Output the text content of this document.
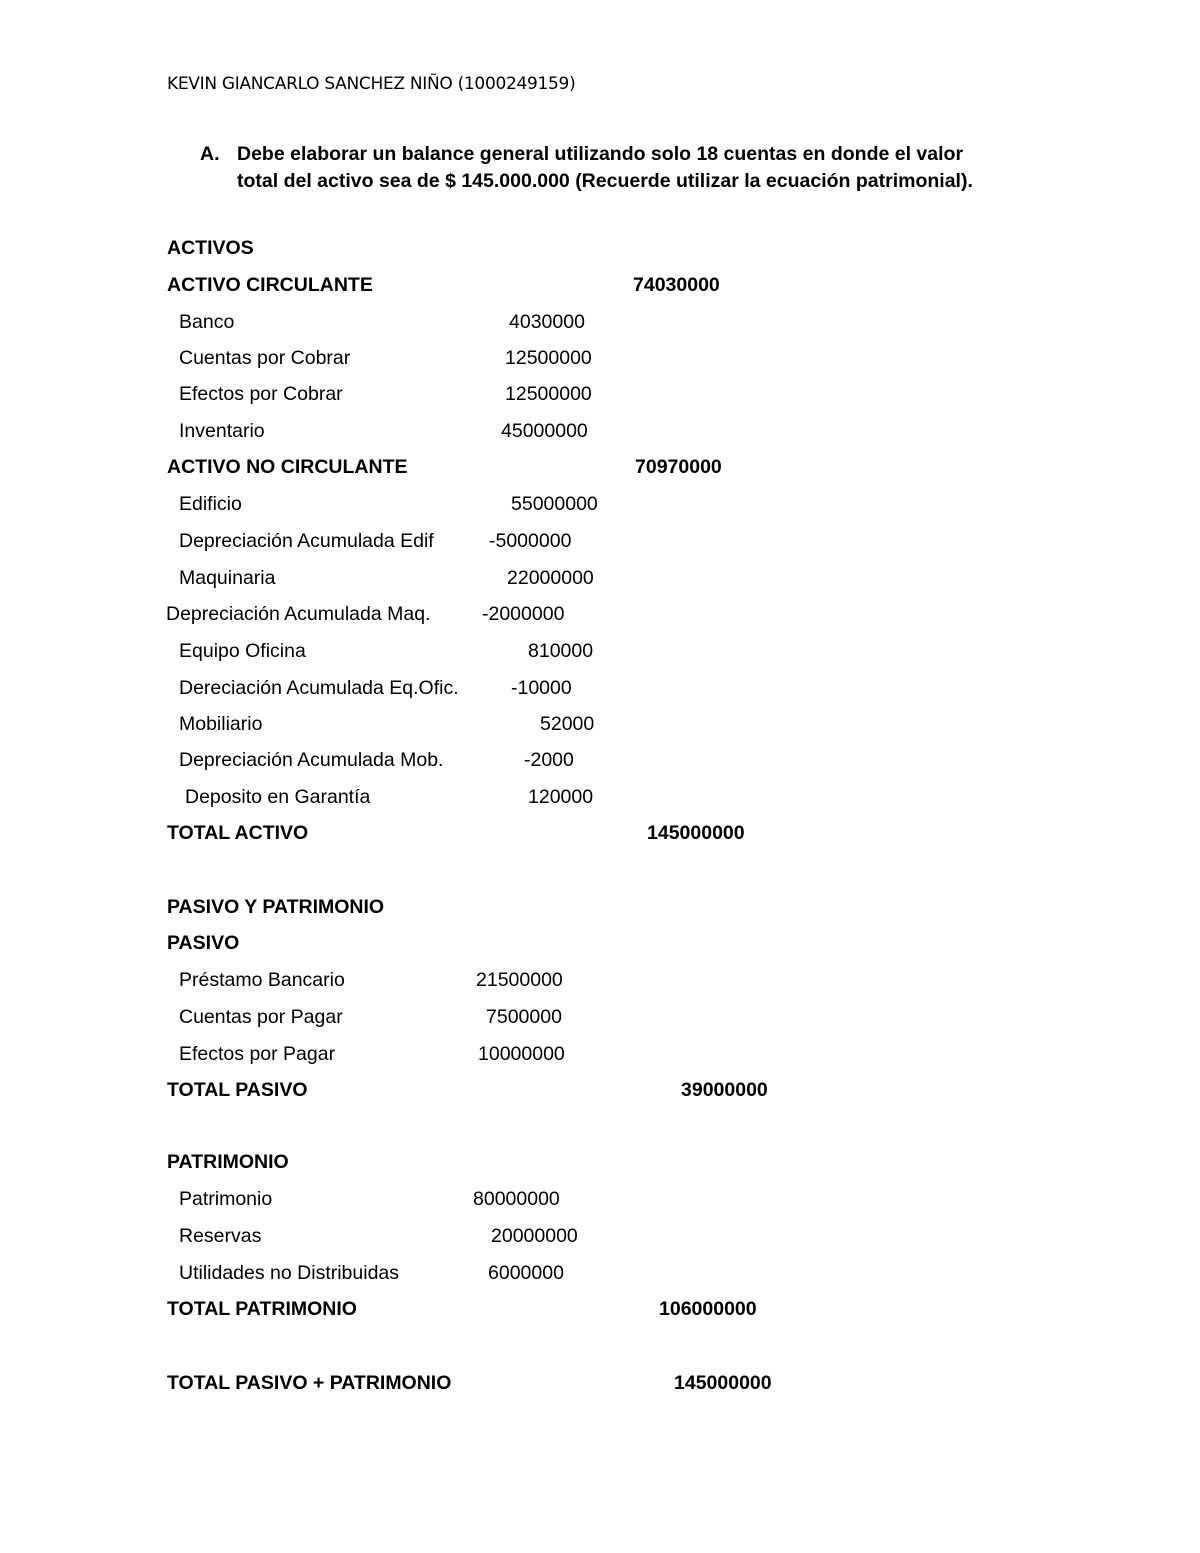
KEVIN GIANCARLO SANCHEZ NIÑO (1000249159)
A. Debe elaborar un balance general utilizando solo 18 cuentas en donde el valor total del activo sea de $ 145.000.000 (Recuerde utilizar la ecuación patrimonial).
ACTIVOS
ACTIVO CIRCULANTE	74030000
Banco	4030000
Cuentas por Cobrar	12500000
Efectos por Cobrar	12500000
Inventario	45000000
ACTIVO NO CIRCULANTE	70970000
Edificio	55000000
Depreciación Acumulada Edif	-5000000
Maquinaria	22000000
Depreciación Acumulada Maq.	-2000000
Equipo Oficina	810000
Dereciación Acumulada Eq.Ofic.	-10000
Mobiliario	52000
Depreciación Acumulada Mob.	-2000
Deposito en Garantía	120000
TOTAL ACTIVO	145000000
PASIVO Y PATRIMONIO
PASIVO
Préstamo Bancario	21500000
Cuentas por Pagar	7500000
Efectos por Pagar	10000000
TOTAL PASIVO	39000000
PATRIMONIO
Patrimonio	80000000
Reservas	20000000
Utilidades no Distribuidas	6000000
TOTAL PATRIMONIO	106000000
TOTAL PASIVO + PATRIMONIO	145000000
